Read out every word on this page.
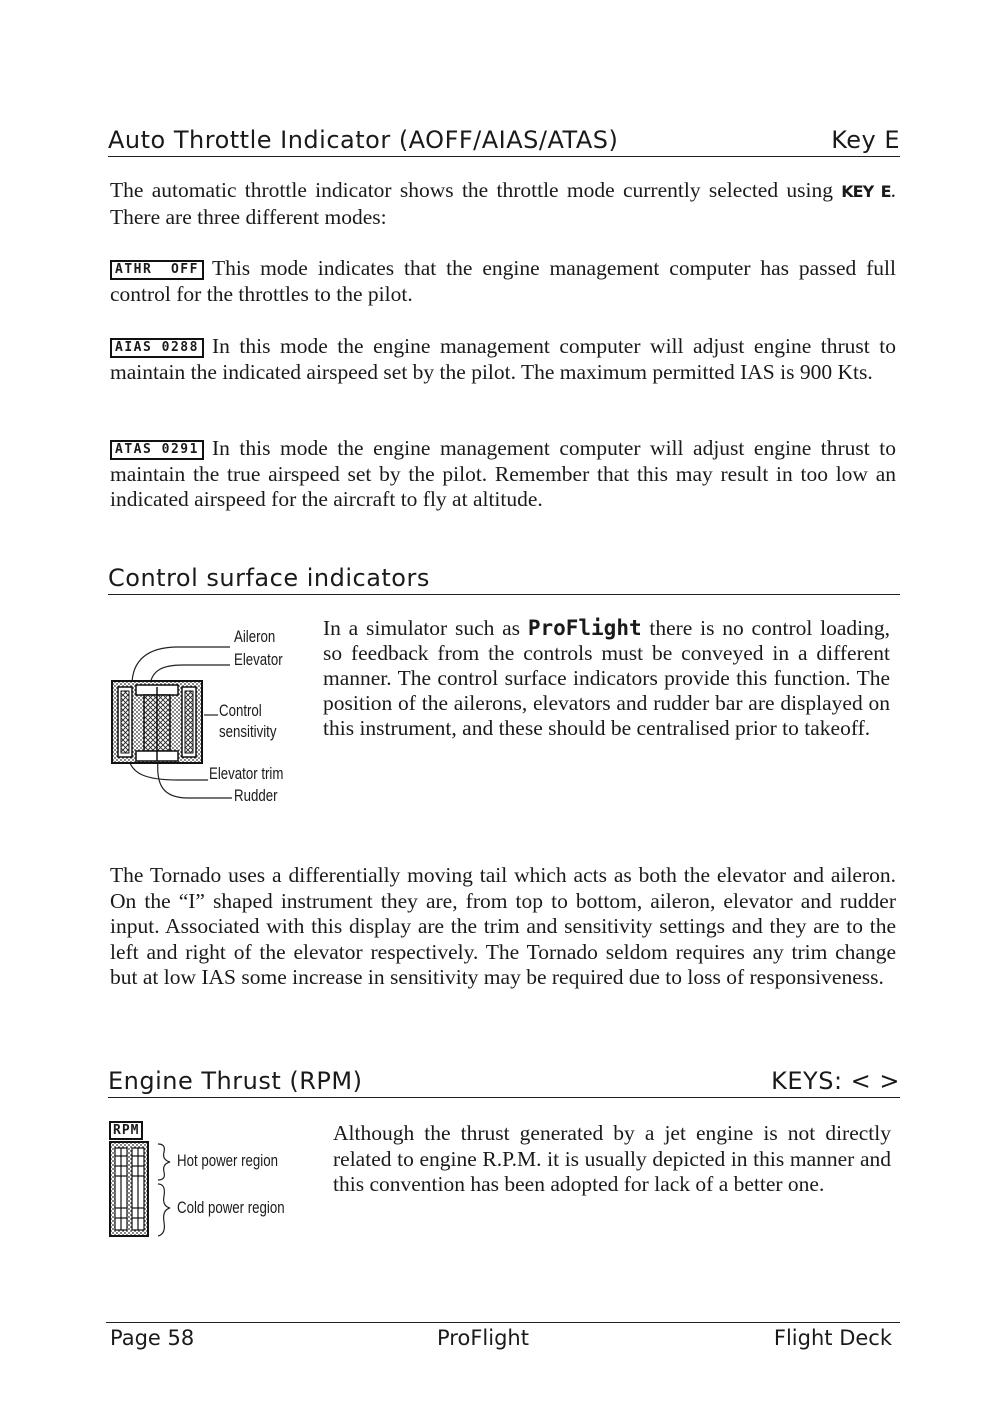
Auto Throttle Indicator (AOFF/AIAS/ATAS)	Key E

The automatic throttle indicator shows the throttle mode currently selected using KEY E. There are three different modes:

ATHR  OFF This mode indicates that the engine management computer has passed full control for the throttles to the pilot.

AIAS 0288 In this mode the engine management computer will adjust engine thrust to maintain the indicated airspeed set by the pilot. The maximum permitted IAS is 900 Kts.

ATAS 0291 In this mode the engine management computer will adjust engine thrust to maintain the true airspeed set by the pilot. Remember that this may result in too low an indicated airspeed for the aircraft to fly at altitude.

Control surface indicators
Aileron
Elevator
Control
sensitivity
Elevator trim
Rudder

In a simulator such as ProFlight there is no control loading, so feedback from the controls must be conveyed in a different manner. The control surface indicators provide this function. The position of the ailerons, elevators and rudder bar are displayed on this instrument, and these should be centralised prior to takeoff.

The Tornado uses a differentially moving tail which acts as both the elevator and aileron. On the “I” shaped instrument they are, from top to bottom, aileron, elevator and rudder input. Associated with this display are the trim and sensitivity settings and they are to the left and right of the elevator respectively. The Tornado seldom requires any trim change but at low IAS some increase in sensitivity may be required due to loss of responsiveness.

Engine Thrust (RPM)	KEYS: < >
RPM
Hot power region
Cold power region

Although the thrust generated by a jet engine is not directly related to engine R.P.M. it is usually depicted in this manner and this convention has been adopted for lack of a better one.

Page 58	ProFlight	Flight Deck
